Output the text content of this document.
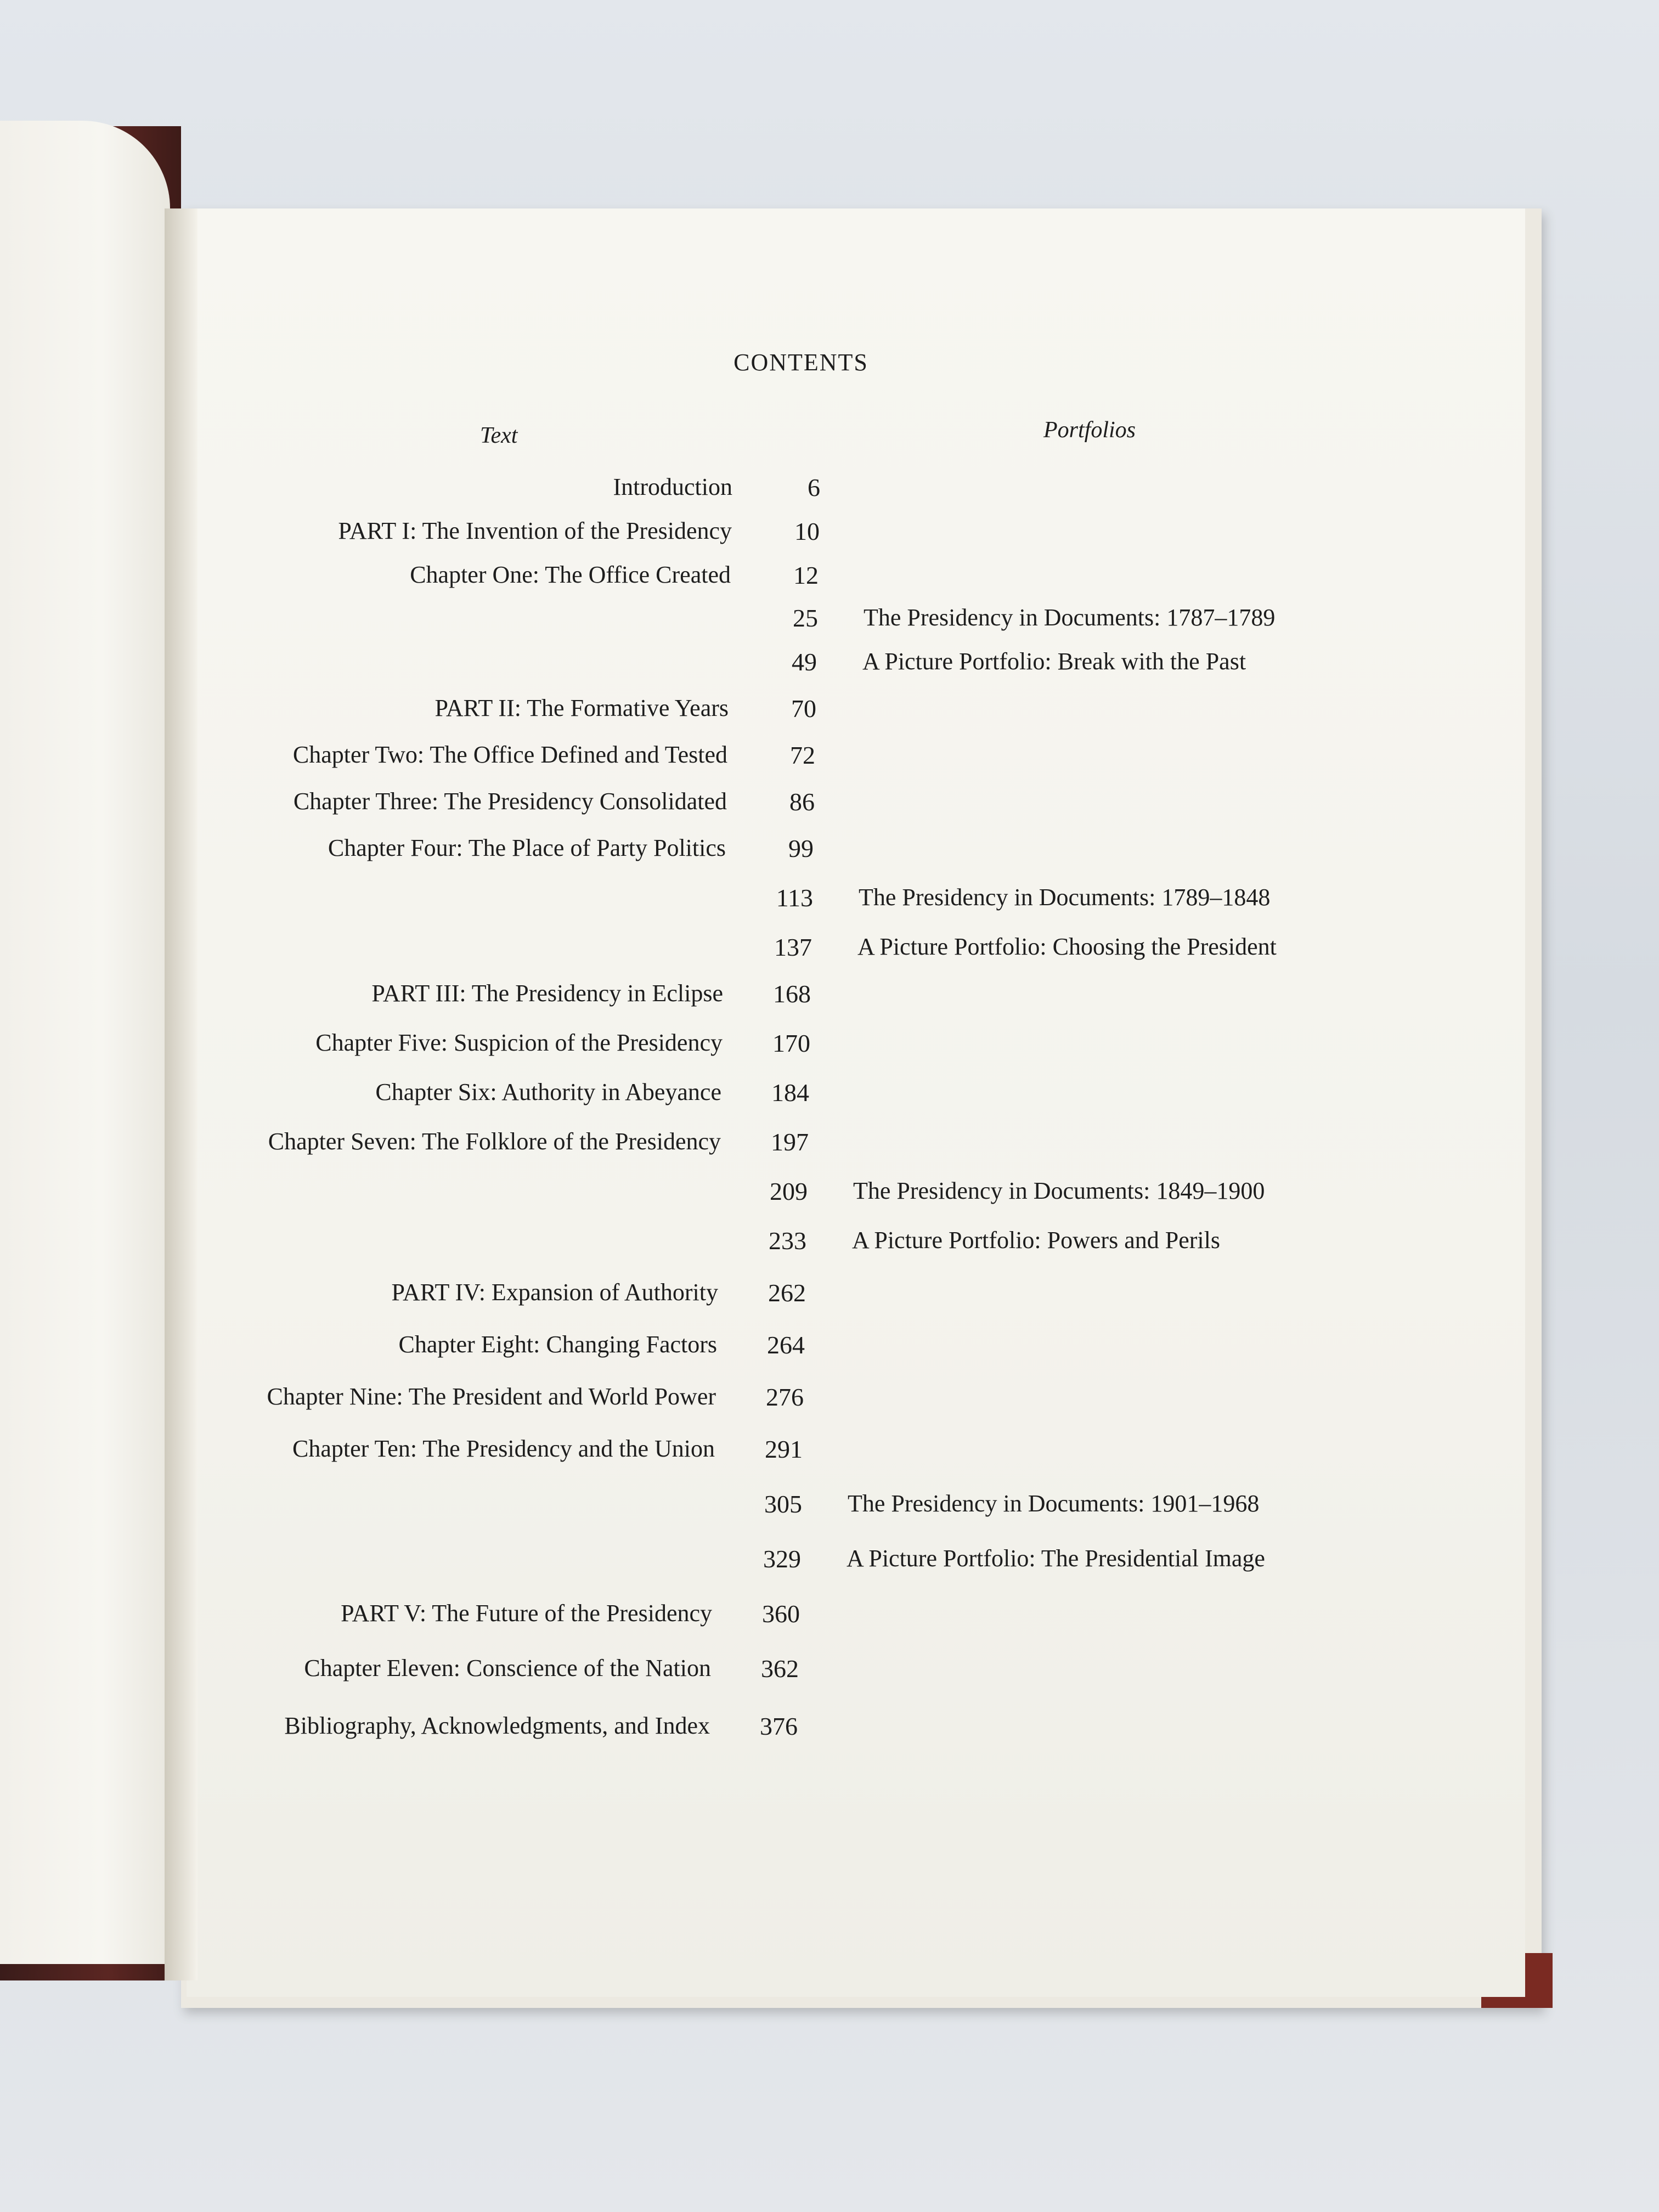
CONTENTS
Text	Portfolios
Introduction	6
PART I: The Invention of the Presidency	10
Chapter One: The Office Created	12
25 The Presidency in Documents: 1787–1789
49 A Picture Portfolio: Break with the Past
PART II: The Formative Years	70
Chapter Two: The Office Defined and Tested	72
Chapter Three: The Presidency Consolidated	86
Chapter Four: The Place of Party Politics	99
113 The Presidency in Documents: 1789–1848
137 A Picture Portfolio: Choosing the President
PART III: The Presidency in Eclipse	168
Chapter Five: Suspicion of the Presidency	170
Chapter Six: Authority in Abeyance	184
Chapter Seven: The Folklore of the Presidency	197
209 The Presidency in Documents: 1849–1900
233 A Picture Portfolio: Powers and Perils
PART IV: Expansion of Authority	262
Chapter Eight: Changing Factors	264
Chapter Nine: The President and World Power	276
Chapter Ten: The Presidency and the Union	291
305 The Presidency in Documents: 1901–1968
329 A Picture Portfolio: The Presidential Image
PART V: The Future of the Presidency	360
Chapter Eleven: Conscience of the Nation	362
Bibliography, Acknowledgments, and Index	376
